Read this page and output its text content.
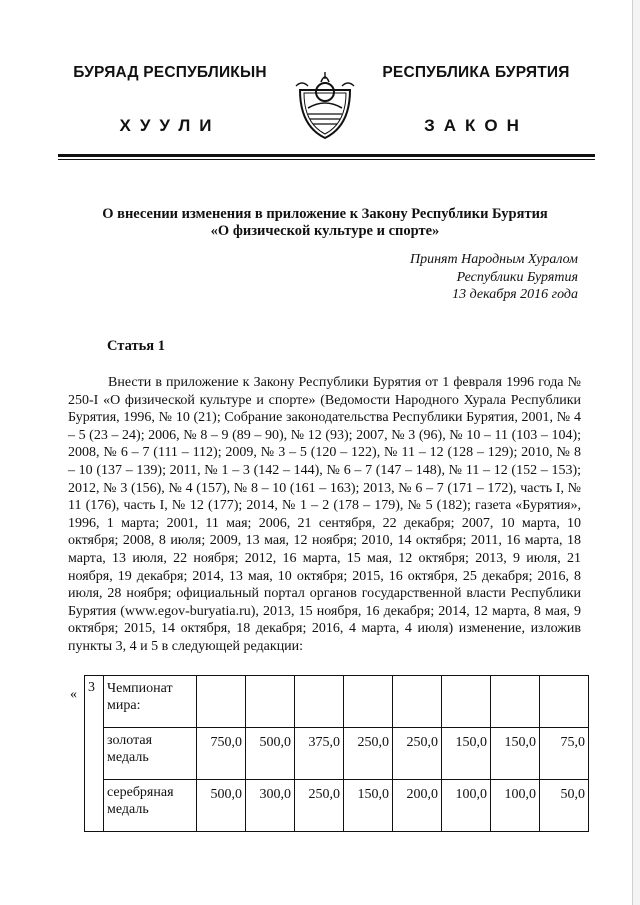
БУРЯАД РЕСПУБЛИКЫН
ХУУЛИ
РЕСПУБЛИКА БУРЯТИЯ
ЗАКОН
О внесении изменения в приложение к Закону Республики Бурятия
«О физической культуре и спорте»
Принят Народным Хуралом
Республики Бурятия
13 декабря 2016 года
Статья 1
Внести в приложение к Закону Республики Бурятия от 1 февраля 1996 года № 250-I «О физической культуре и спорте» (Ведомости Народного Хурала Республики Бурятия, 1996, № 10 (21); Собрание законодательства Республики Бурятия, 2001, № 4 – 5 (23 – 24); 2006, № 8 – 9 (89 – 90), № 12 (93); 2007, № 3 (96), № 10 – 11 (103 – 104); 2008, № 6 – 7 (111 – 112); 2009, № 3 – 5 (120 – 122), № 11 – 12 (128 – 129); 2010, № 8 – 10 (137 – 139); 2011, № 1 – 3 (142 – 144), № 6 – 7 (147 – 148), № 11 – 12 (152 – 153); 2012, № 3 (156), № 4 (157), № 8 – 10 (161 – 163); 2013, № 6 – 7 (171 – 172), часть I, № 11 (176), часть I, № 12 (177); 2014, № 1 – 2 (178 – 179), № 5 (182); газета «Бурятия», 1996, 1 марта; 2001, 11 мая; 2006, 21 сентября, 22 декабря; 2007, 10 марта, 10 октября; 2008, 8 июля; 2009, 13 мая, 12 ноября; 2010, 14 октября; 2011, 16 марта, 18 марта, 13 июля, 22 ноября; 2012, 16 марта, 15 мая, 12 октября; 2013, 9 июля, 21 ноября, 19 декабря; 2014, 13 мая, 10 октября; 2015, 16 октября, 25 декабря; 2016, 8 июля, 28 ноября; официальный портал органов государственной власти Республики Бурятия (www.egov-buryatia.ru), 2013, 15 ноября, 16 декабря; 2014, 12 марта, 8 мая, 9 октября; 2015, 14 октября, 18 декабря; 2016, 4 марта, 4 июля) изменение, изложив пункты 3, 4 и 5 в следующей редакции:
« 3	Чемпионат мира:								
	золотая медаль	750,0	500,0	375,0	250,0	250,0	150,0	150,0	75,0
	серебряная медаль	500,0	300,0	250,0	150,0	200,0	100,0	100,0	50,0
